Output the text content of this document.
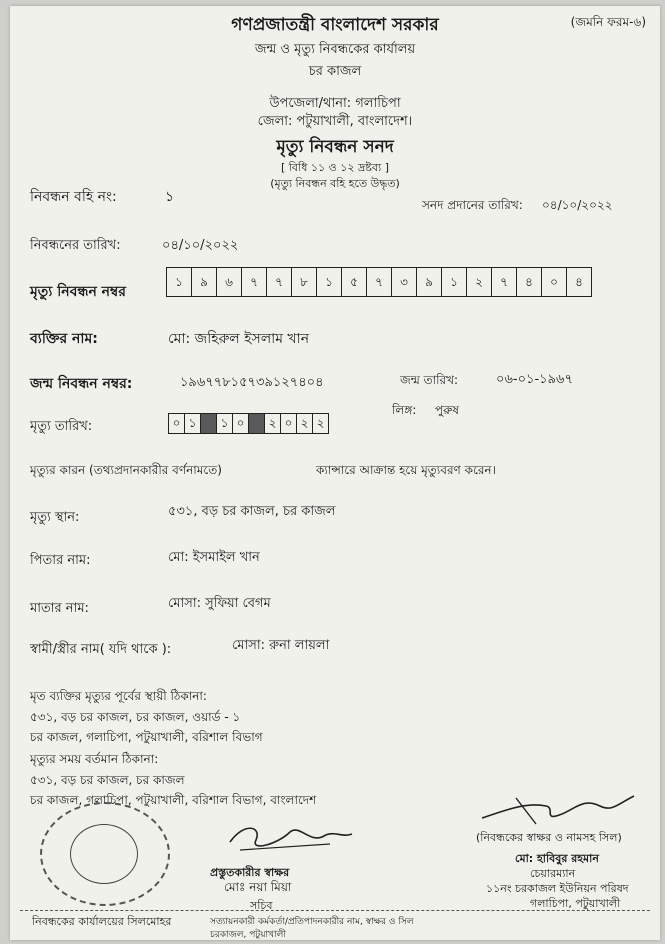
গণপ্রজাতন্ত্রী বাংলাদেশ সরকার	(জমনি ফরম-৬)
জন্ম ও মৃত্যু নিবন্ধকের কার্যালয়
চর কাজল
উপজেলা/থানা: গলাচিপা
জেলা: পটুয়াখালী, বাংলাদেশ।
মৃত্যু নিবন্ধন সনদ
[ বিধি ১১ ও ১২ দ্রষ্টব্য ]
(মৃত্যু নিবন্ধন বহি হতে উদ্ধৃত)
নিবন্ধন বহি নং:	১	সনদ প্রদানের তারিখ: ০৪/১০/২০২২
নিবন্ধনের তারিখ:	০৪/১০/২০২২
মৃত্যু নিবন্ধন নম্বর
১	৯	৬	৭	৭	৮	১	৫	৭	৩	৯	১	২	৭	৪	০	৪
ব্যক্তির নাম:	মো: জহিরুল ইসলাম খান
জন্ম নিবন্ধন নম্বর:	১৯৬৭৭৮১৫৭৩৯১২৭৪০৪	জন্ম তারিখ:	০৬-০১-১৯৬৭
লিঙ্গ: পুরুষ
মৃত্যু তারিখ:	০ ১	১ ০	২ ০ ২ ২
মৃত্যুর কারন (তথ্যপ্রদানকারীর বর্ণনামতে)	ক্যান্সারে আক্রান্ত হয়ে মৃত্যুবরণ করেন।
মৃত্যু স্থান:	৫৩১, বড় চর কাজল, চর কাজল
পিতার নাম:	মো: ইসমাইল খান
মাতার নাম:	মোসা: সুফিয়া বেগম
স্বামী/স্ত্রীর নাম( যদি থাকে ):	মোসা: রুনা লায়লা
মৃত ব্যক্তির মৃত্যুর পূর্বের স্থায়ী ঠিকানা:
৫৩১, বড় চর কাজল, চর কাজল, ওয়ার্ড - ১
চর কাজল, গলাচিপা, পটুয়াখালী, বরিশাল বিভাগ
মৃত্যুর সময় বর্তমান ঠিকানা:
৫৩১, বড় চর কাজল, চর কাজল
চর কাজল, গলাচিপা, পটুয়াখালী, বরিশাল বিভাগ, বাংলাদেশ
(নিবন্ধকের স্বাক্ষর ও নামসহ সিল)
মো: হাবিবুর রহমান
চেয়ারম্যান
১১নং চরকাজল ইউনিয়ন পরিষদ
গলাচিপা, পটুয়াখালী
প্রস্তুতকারীর স্বাক্ষর
মোঃ নয়া মিয়া
সচিব
নিবন্ধকের কার্যালয়ের সিলমোহর	সত্যায়নকারী কর্মকর্তা/প্রতিপাদনকারীর নাম, স্বাক্ষর ও সিল
চরকাজল, পটুয়াখালী
